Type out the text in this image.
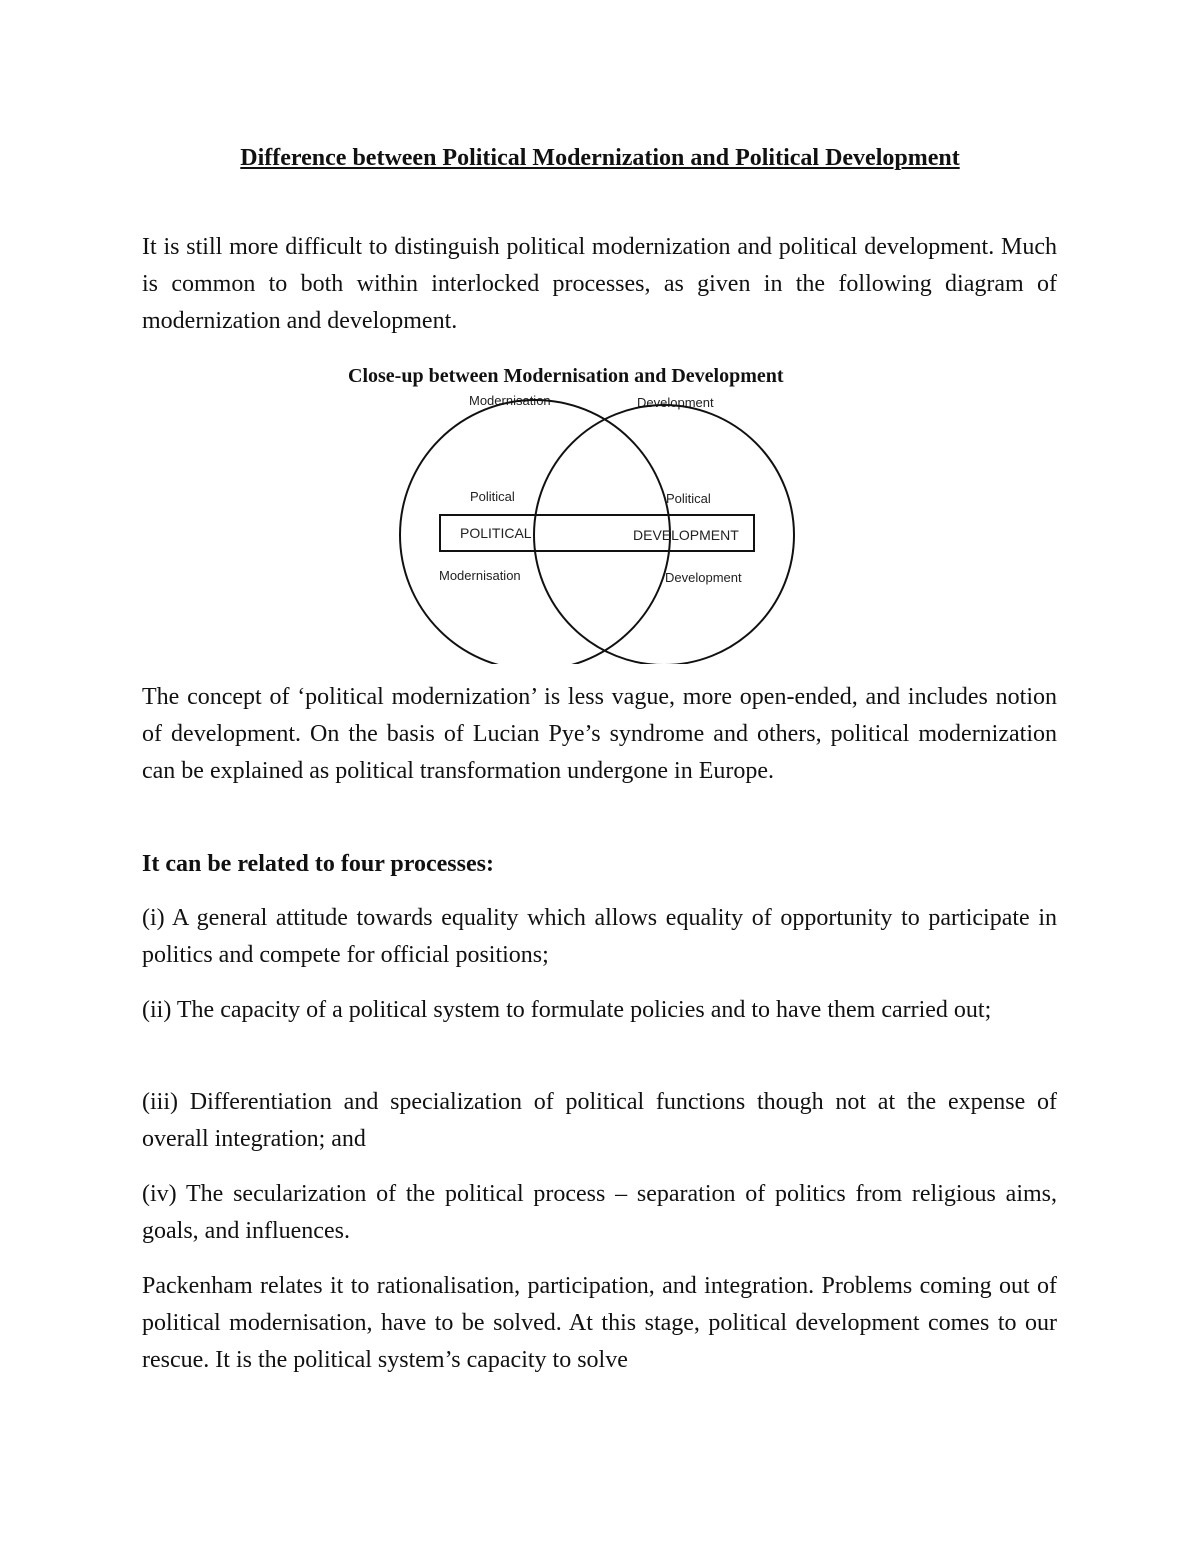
Difference between Political Modernization and Political Development

It is still more difficult to distinguish political modernization and political development. Much is common to both within interlocked processes, as given in the following diagram of modernization and development.

Close-up between Modernisation and Development
Modernisation	Development
Political	Political
POLITICAL	DEVELOPMENT
Modernisation	Development

The concept of ‘political modernization’ is less vague, more open-ended, and includes notion of development. On the basis of Lucian Pye’s syndrome and others, political modernization can be explained as political transformation undergone in Europe.

It can be related to four processes:

(i) A general attitude towards equality which allows equality of opportunity to participate in politics and compete for official positions;

(ii) The capacity of a political system to formulate policies and to have them carried out;

(iii) Differentiation and specialization of political functions though not at the expense of overall integration; and

(iv) The secularization of the political process – separation of politics from religious aims, goals, and influences.

Packenham relates it to rationalisation, participation, and integration. Problems coming out of political modernisation, have to be solved. At this stage, political development comes to our rescue. It is the political system’s capacity to solve
